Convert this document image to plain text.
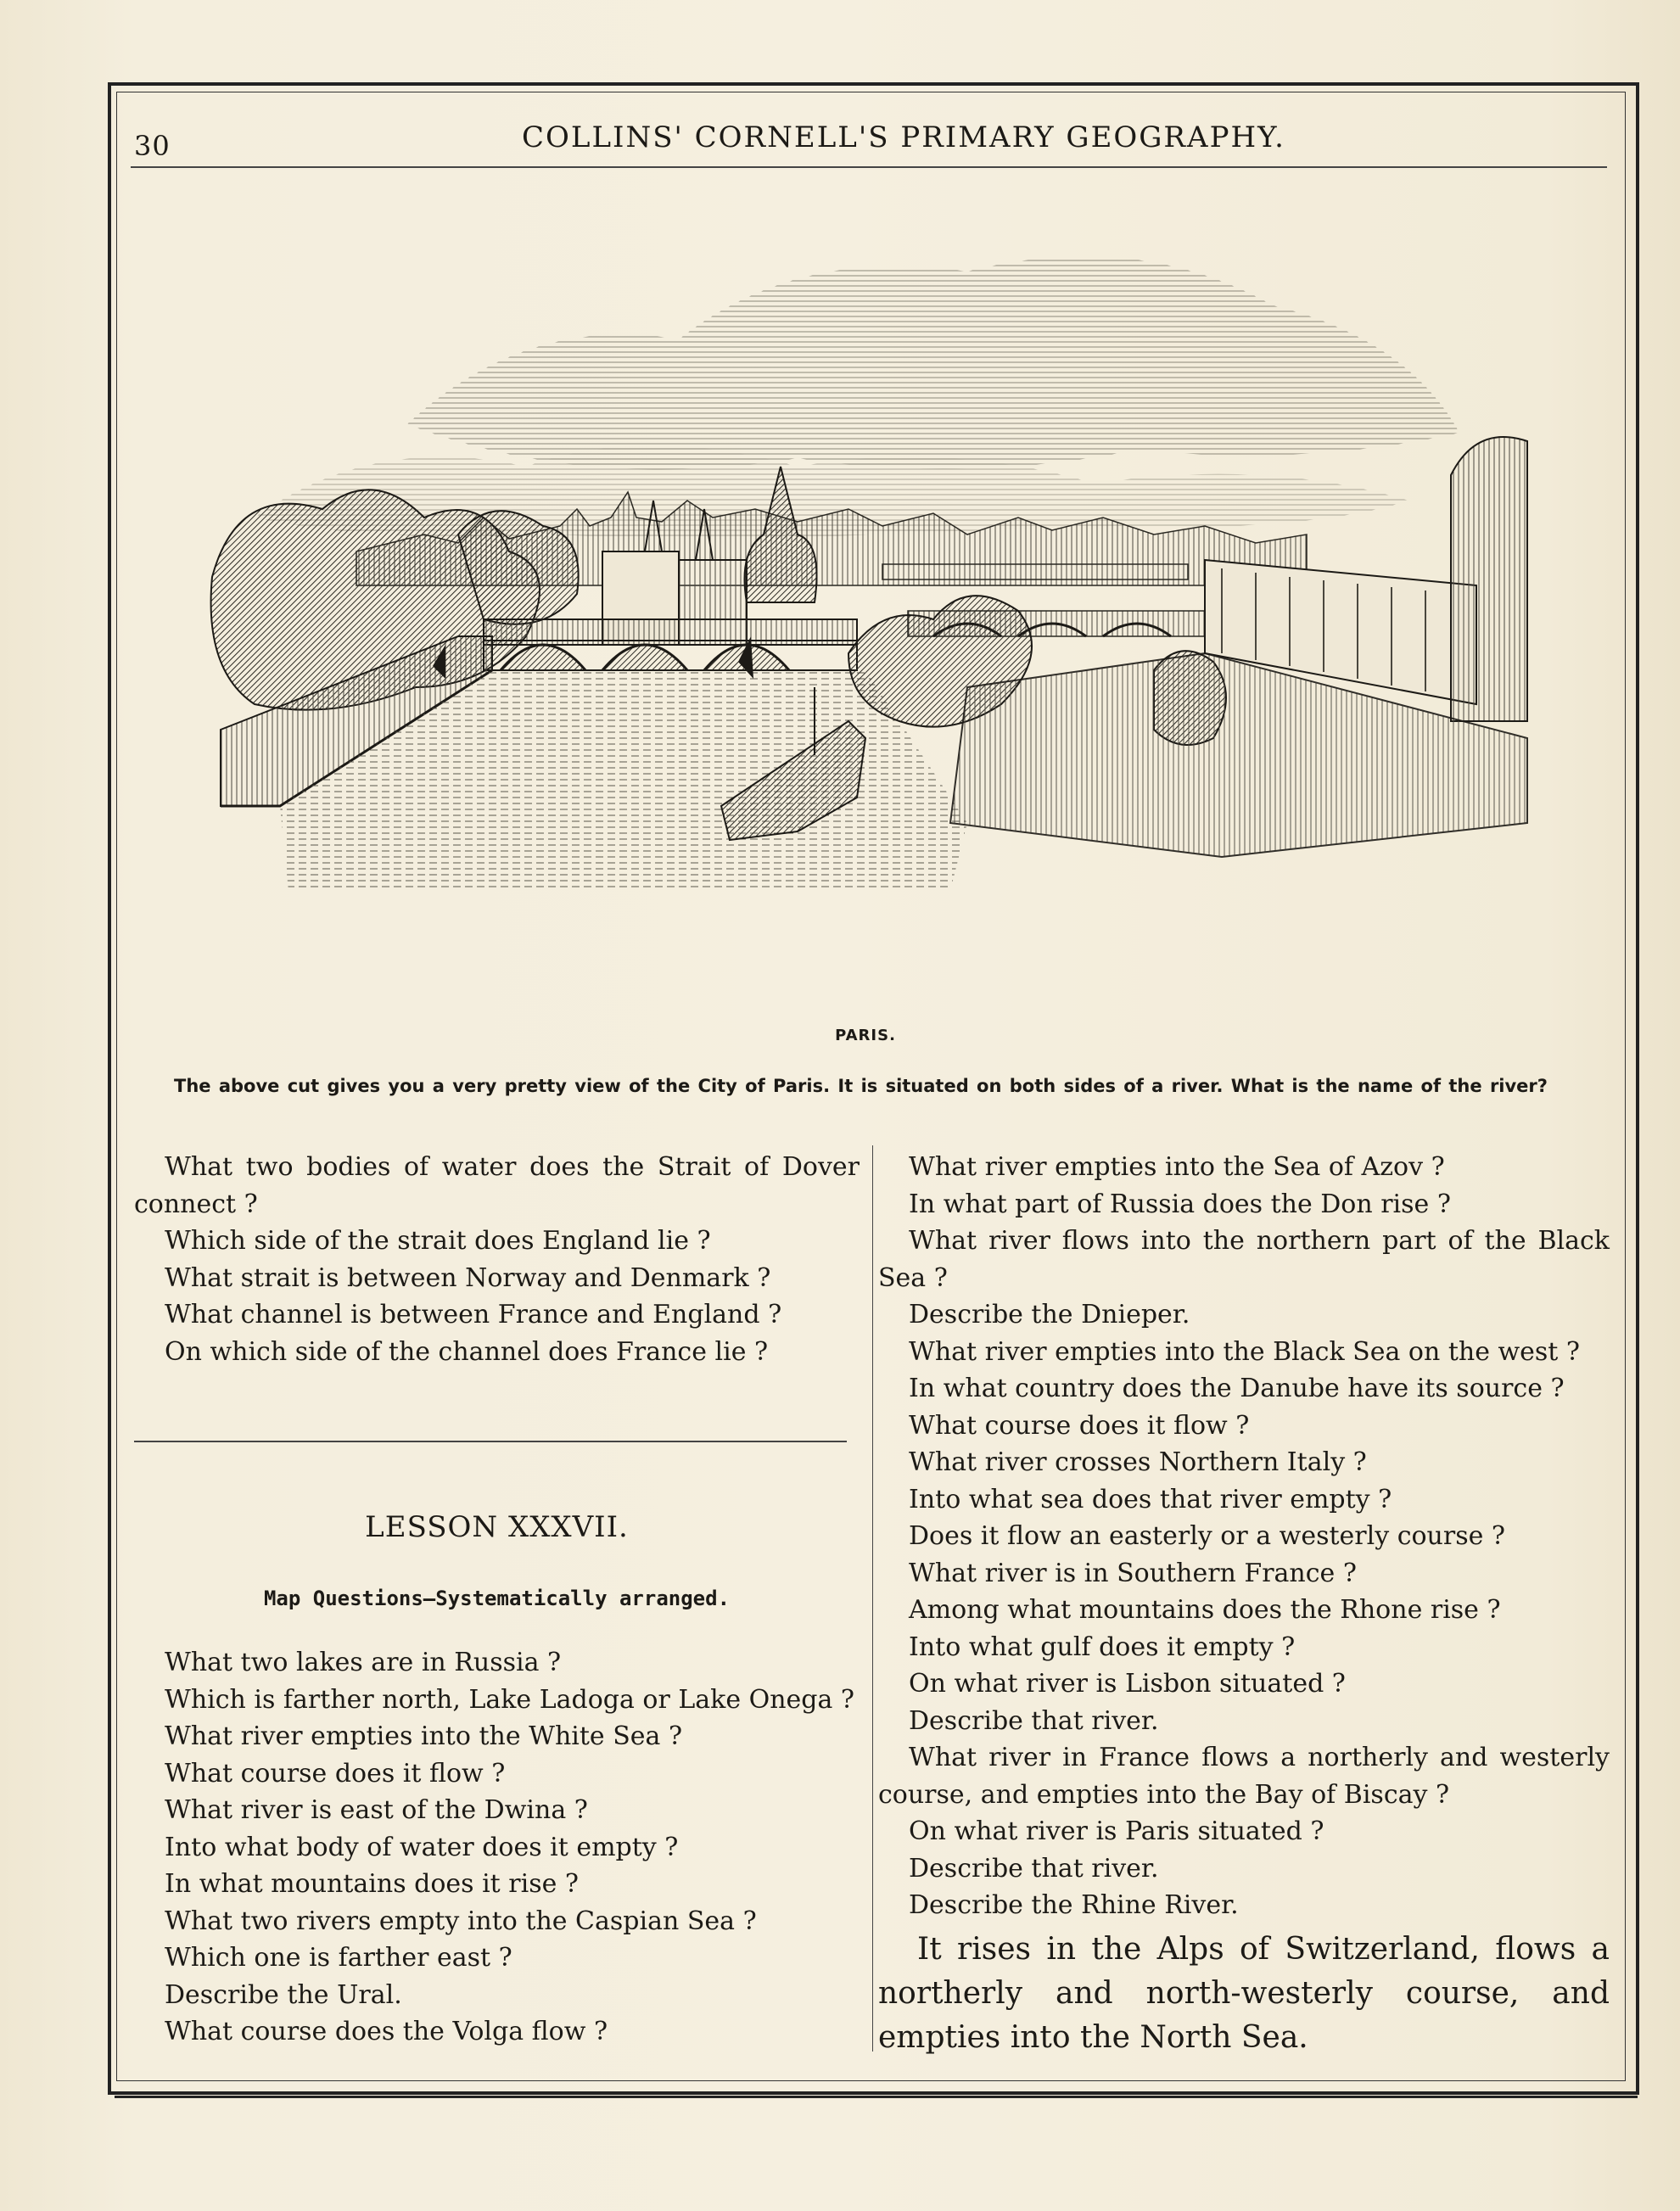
30	COLLINS' CORNELL'S PRIMARY GEOGRAPHY.
PARIS.
The above cut gives you a very pretty view of the City of Paris. It is situated on both sides of a river. What is the name of the river?

What two bodies of water does the Strait of Dover connect ?

Which side of the strait does England lie ?

What strait is between Norway and Denmark ?

What channel is between France and England ?

On which side of the channel does France lie ?

LESSON XXXVII.
Map Questions—Systematically arranged.

What two lakes are in Russia ?

Which is farther north, Lake Ladoga or Lake Onega ?

What river empties into the White Sea ?

What course does it flow ?

What river is east of the Dwina ?

Into what body of water does it empty ?

In what mountains does it rise ?

What two rivers empty into the Caspian Sea ?

Which one is farther east ?

Describe the Ural.

What course does the Volga flow ?

What river empties into the Sea of Azov ?

In what part of Russia does the Don rise ?

What river flows into the northern part of the Black Sea ?

Describe the Dnieper.

What river empties into the Black Sea on the west ?

In what country does the Danube have its source ?

What course does it flow ?

What river crosses Northern Italy ?

Into what sea does that river empty ?

Does it flow an easterly or a westerly course ?

What river is in Southern France ?

Among what mountains does the Rhone rise ?

Into what gulf does it empty ?

On what river is Lisbon situated ?

Describe that river.

What river in France flows a northerly and westerly course, and empties into the Bay of Biscay ?

On what river is Paris situated ?

Describe that river.

Describe the Rhine River.

It rises in the Alps of Switzerland, flows a northerly and north-westerly course, and empties into the North Sea.
